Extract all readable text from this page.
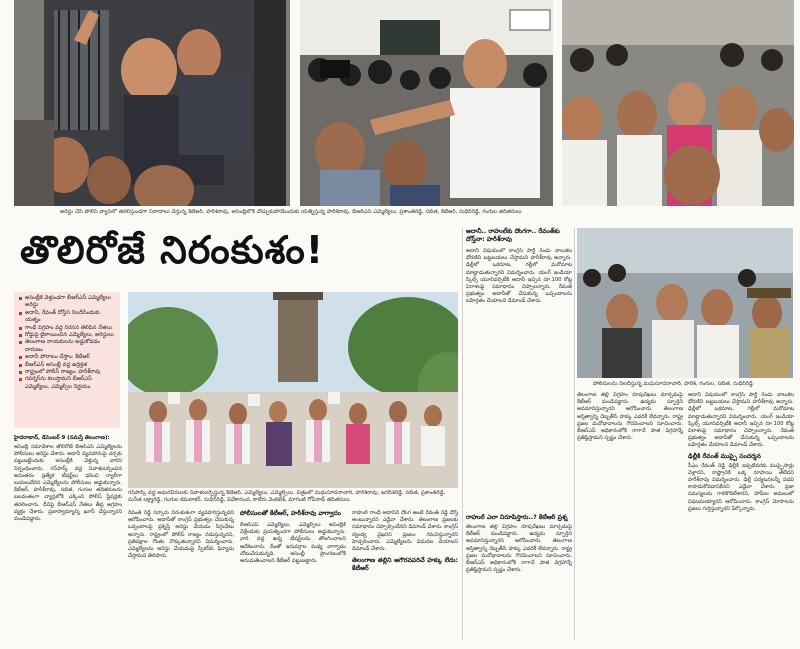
అరెస్టు చేసి పోలీస్ వ్యాన్‌లో తరలిస్తుండగా నినాదాలు చేస్తున్న కేటీఆర్, హరీశ్‌రావు, అసెంబ్లీలోకి చొచ్చుకుపోయేందుకు యత్నిస్తున్న హరీశ్‌రావు, బీఆర్‌ఎస్ ఎమ్మెల్యేలు, ప్రశాంత్‌రెడ్డి, సబిత, కేటీఆర్, సుధీర్‌రెడ్డి, గంగుల తదితరులు
తొలిరోజే నిరంకుశం!
పోలీసులను నిలదీస్తున్న మధుసూదనాచారి, హరీశ్, గంగుల, సబిత, సుధీర్‌రెడ్డి
అసెంబ్లీకి వెళ్తుండగా బీఆర్‌ఎస్ ఎమ్మెల్యేలు అరెస్టు
అదానీ, రేవంత్ దోస్తీని నిలదీసేందుకు యత్నం
గాంధీ విగ్రహం వద్ద నిరసన తెలిపిన నేతలు
రోడ్డుపై బైఠాయించిన ఎమ్మెల్యేలు, అరెస్టులు
తెలంగాణ నాయకులను అడ్డుకోవడం దారుణం
అదానీ పోరాటం చేస్తాం: కేటీఆర్
బీఆర్‌ఎస్ అసెంబ్లీ వద్ద ఉద్రిక్తత
రాష్ట్రంలో పోలీస్ రాజ్యం: హరీశ్‌రావు
గవర్నర్‌ను కలుస్తామని బీఆర్‌ఎస్ ఎమ్మెల్యేలు, ఎమ్మెల్సీల నిర్ణయం
గన్‌పార్క్ వద్ద అమరవీరులకు నివాళులర్పిస్తున్న కేటీఆర్, ఎమ్మెల్యేలు, ఎమ్మెల్సీలు. చిత్రంలో మధుసూదనాచారి, హరీశ్‌రావు, జగదీశ్‌రెడ్డి, సబిత, ప్రశాంత్‌రెడ్డి, సునీత లక్ష్మారెడ్డి, గంగుల కమలాకర్, సుధీర్‌రెడ్డి, వివేకానంద, కాలేరు వెంకటేశ్, మాగంటి గోపీనాథ్ తదితరులు
అదానీ.. రాహుల్‌కు దొంగగా.. రేవంత్‌కు దోస్త్‌నా: హరీశ్‌రావు
అదానీ విషయంలో కాంగ్రెస్ పార్టీ రెండు నాలుకల ధోరణిని బట్టబయలు చేస్తామని హరీశ్‌రావు అన్నారు. ఢిల్లీలో ఒకమాట, గల్లీలో మరోమాట మాట్లాడుతున్నారని విమర్శించారు. యంగ్ ఇండియా స్కిల్స్ యూనివర్సిటీకి అదానీ ఇచ్చిన రూ.100 కోట్ల విరాళంపై సమాధానం చెప్పాలన్నారు. రేవంత్ ప్రభుత్వం అదానీతో చేసుకున్న ఒప్పందాలను బహిర్గతం చేయాలని డిమాండ్ చేశారు.
హైదరాబాద్, డిసెంబర్ 9 (నమస్తే తెలంగాణ):
అసెంబ్లీ సమావేశాల తొలిరోజే బీఆర్‌ఎస్ ఎమ్మెల్యేలను పోలీసులు అరెస్టు చేశారు. అదానీ వ్యవహారంపై చర్చకు పట్టుబట్టేందుకు అసెంబ్లీకి వెళ్తున్న వారిని నిర్బంధించారు. గన్‌పార్క్ వద్ద నివాళులర్పించిన అనంతరం ప్రత్యేక టీషర్ట్‌లు ధరించి ర్యాలీగా బయలుదేరిన ఎమ్మెల్యేలను పోలీసులు అడ్డుకున్నారు. కేటీఆర్, హరీశ్‌రావు, సబిత, గంగుల తదితరులను బలవంతంగా వ్యాన్లలోకి ఎక్కించి పోలీస్ స్టేషన్లకు తరలించారు. దీనిపై బీఆర్‌ఎస్ నేతలు తీవ్ర ఆగ్రహం వ్యక్తం చేశారు. ప్రజాస్వామ్యాన్ని ఖూనీ చేస్తున్నారని మండిపడ్డారు.
రేవంత్ రెడ్డి సర్కారు నిరంకుశంగా వ్యవహరిస్తున్నదని ఆరోపించారు. అదానీతో కాంగ్రెస్ ప్రభుత్వం చేసుకున్న ఒప్పందాలపై ప్రశ్నిస్తే అరెస్టు చేయడం సిగ్గుచేటు అన్నారు. రాష్ట్రంలో పోలీస్ రాజ్యం నడుస్తున్నదని, ప్రతిపక్షాల గొంతు నొక్కుతున్నారని విమర్శించారు. ఎమ్మెల్యేలను అరెస్టు చేయడంపై స్పీకర్‌కు ఫిర్యాదు చేస్తామని తెలిపారు.
పోలీసులతో కేటీఆర్, హరీశ్‌రావు వాగ్వాదం
బీఆర్‌ఎస్ ఎమ్మెల్యేలు, ఎమ్మెల్సీలు అసెంబ్లీకి వెళ్లేందుకు ప్రయత్నించగా పోలీసులు అడ్డుకున్నారు. వారి వద్ద ఉన్న టీషర్ట్‌లను తొలగించాలని ఆదేశించారు. దీంతో ఇరువర్గాల మధ్య వాగ్వాదం చోటుచేసుకున్నది. అసెంబ్లీ ప్రాంగణంలోకి అనుమతించాలని కేటీఆర్ పట్టుబట్టారు.

రాహుల్ గాంధీ అదానీని దొంగ అంటే రేవంత్ రెడ్డి దోస్త్ అంటున్నారని ఎద్దేవా చేశారు. తెలంగాణ ప్రజలకు సమాధానం చెప్పాల్సిందేనని డిమాండ్ చేశారు. కాంగ్రెస్ ద్వంద్వ వైఖరిని ప్రజలు గమనిస్తున్నారని హెచ్చరించారు. ఎమ్మెల్యేలను విడుదల చేయాలని డిమాండ్ చేశారు.

తెలంగాణ తల్లిని అగౌరవపరిచే హక్కు లేదు: కేటీఆర్
రాహుల్ ఎలా నిరూపిస్తారు..? కేటీఆర్ ప్రశ్న

తెలంగాణ తల్లి విగ్రహం రూపురేఖలు మార్చడంపై కేటీఆర్ మండిపడ్డారు. ఉద్యమ స్ఫూర్తిని అవమానిస్తున్నారని ఆరోపించారు. తెలంగాణ అస్తిత్వాన్ని దెబ్బతీసే హక్కు ఎవరికీ లేదన్నారు. రాష్ట్ర ప్రజల మనోభావాలను గౌరవించాలని సూచించారు. బీఆర్‌ఎస్ అధికారంలోకి రాగానే పాత విగ్రహాన్నే ప్రతిష్ఠిస్తామని స్పష్టం చేశారు.

తెలంగాణ తల్లి విగ్రహం రూపురేఖలు మార్చడంపై కేటీఆర్ మండిపడ్డారు. ఉద్యమ స్ఫూర్తిని అవమానిస్తున్నారని ఆరోపించారు. తెలంగాణ అస్తిత్వాన్ని దెబ్బతీసే హక్కు ఎవరికీ లేదన్నారు. రాష్ట్ర ప్రజల మనోభావాలను గౌరవించాలని సూచించారు. బీఆర్‌ఎస్ అధికారంలోకి రాగానే పాత విగ్రహాన్నే ప్రతిష్ఠిస్తామని స్పష్టం చేశారు.

అదానీ విషయంలో కాంగ్రెస్ పార్టీ రెండు నాలుకల ధోరణిని బట్టబయలు చేస్తామని హరీశ్‌రావు అన్నారు. ఢిల్లీలో ఒకమాట, గల్లీలో మరోమాట మాట్లాడుతున్నారని విమర్శించారు. యంగ్ ఇండియా స్కిల్స్ యూనివర్సిటీకి అదానీ ఇచ్చిన రూ.100 కోట్ల విరాళంపై సమాధానం చెప్పాలన్నారు. రేవంత్ ప్రభుత్వం అదానీతో చేసుకున్న ఒప్పందాలను బహిర్గతం చేయాలని డిమాండ్ చేశారు.

ఢిల్లీకి రేవంత్ ముప్పై సందర్శన

సీఎం రేవంత్ రెడ్డి ఢిల్లీకి ఇప్పటివరకు ముప్పైసార్లు వెళ్లారని, రాష్ట్రానికి ఒక్క రూపాయి తేలేదని హరీశ్‌రావు విమర్శించారు. ఢిల్లీ పర్యటనలన్నీ పదవి కాపాడుకోవడానికేనని ఎద్దేవా చేశారు. ప్రజా సమస్యలను గాలికొదిలేశారని, హామీల అమలులో విఫలమయ్యారని ఆరోపించారు. కాంగ్రెస్ మోసాలను ప్రజలు గుర్తిస్తున్నారని పేర్కొన్నారు.
